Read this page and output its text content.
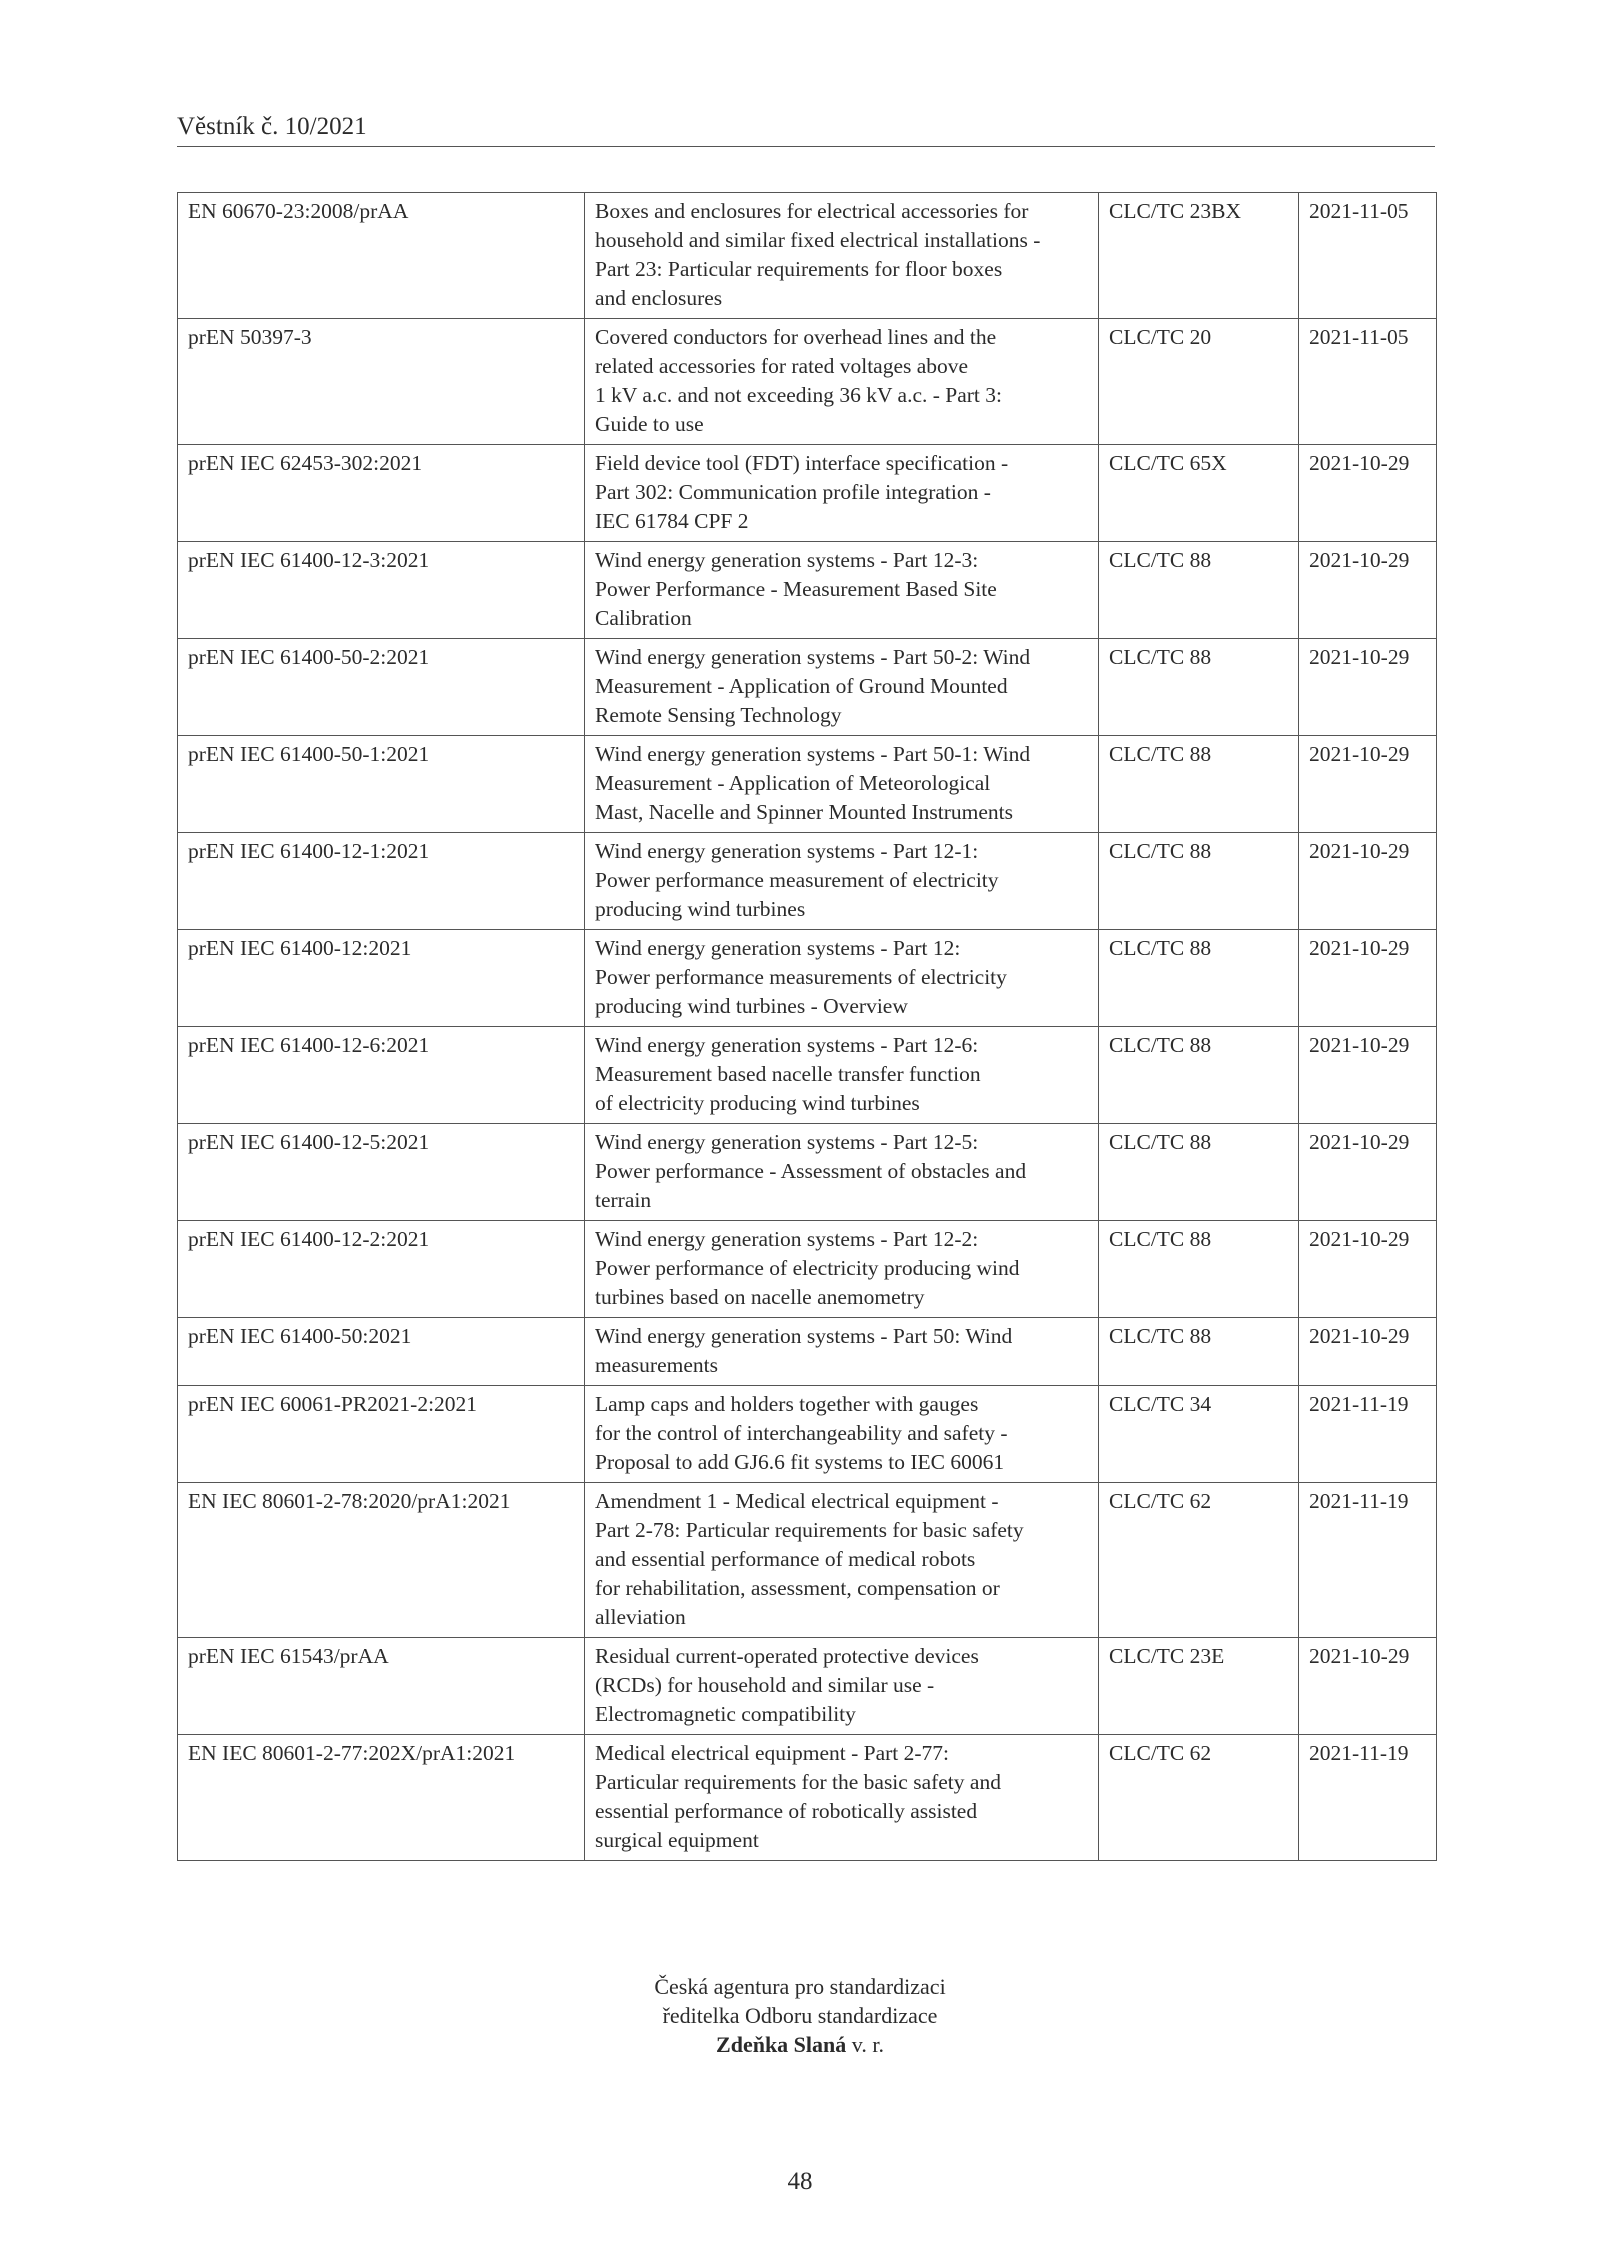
Věstník č. 10/2021
EN 60670-23:2008/prAA	Boxes and enclosures for electrical accessories for
household and similar fixed electrical installations -
Part 23: Particular requirements for floor boxes
and enclosures	CLC/TC 23BX	2021-11-05
prEN 50397-3	Covered conductors for overhead lines and the
related accessories for rated voltages above
1 kV a.c. and not exceeding 36 kV a.c. - Part 3:
Guide to use	CLC/TC 20	2021-11-05
prEN IEC 62453-302:2021	Field device tool (FDT) interface specification -
Part 302: Communication profile integration -
IEC 61784 CPF 2	CLC/TC 65X	2021-10-29
prEN IEC 61400-12-3:2021	Wind energy generation systems - Part 12-3:
Power Performance - Measurement Based Site
Calibration	CLC/TC 88	2021-10-29
prEN IEC 61400-50-2:2021	Wind energy generation systems - Part 50-2: Wind
Measurement - Application of Ground Mounted
Remote Sensing Technology	CLC/TC 88	2021-10-29
prEN IEC 61400-50-1:2021	Wind energy generation systems - Part 50-1: Wind
Measurement - Application of Meteorological
Mast, Nacelle and Spinner Mounted Instruments	CLC/TC 88	2021-10-29
prEN IEC 61400-12-1:2021	Wind energy generation systems - Part 12-1:
Power performance measurement of electricity
producing wind turbines	CLC/TC 88	2021-10-29
prEN IEC 61400-12:2021	Wind energy generation systems - Part 12:
Power performance measurements of electricity
producing wind turbines - Overview	CLC/TC 88	2021-10-29
prEN IEC 61400-12-6:2021	Wind energy generation systems - Part 12-6:
Measurement based nacelle transfer function
of electricity producing wind turbines	CLC/TC 88	2021-10-29
prEN IEC 61400-12-5:2021	Wind energy generation systems - Part 12-5:
Power performance - Assessment of obstacles and
terrain	CLC/TC 88	2021-10-29
prEN IEC 61400-12-2:2021	Wind energy generation systems - Part 12-2:
Power performance of electricity producing wind
turbines based on nacelle anemometry	CLC/TC 88	2021-10-29
prEN IEC 61400-50:2021	Wind energy generation systems - Part 50: Wind
measurements	CLC/TC 88	2021-10-29
prEN IEC 60061-PR2021-2:2021	Lamp caps and holders together with gauges
for the control of interchangeability and safety -
Proposal to add GJ6.6 fit systems to IEC 60061	CLC/TC 34	2021-11-19
EN IEC 80601-2-78:2020/prA1:2021	Amendment 1 - Medical electrical equipment -
Part 2-78: Particular requirements for basic safety
and essential performance of medical robots
for rehabilitation, assessment, compensation or
alleviation	CLC/TC 62	2021-11-19
prEN IEC 61543/prAA	Residual current-operated protective devices
(RCDs) for household and similar use -
Electromagnetic compatibility	CLC/TC 23E	2021-10-29
EN IEC 80601-2-77:202X/prA1:2021	Medical electrical equipment - Part 2-77:
Particular requirements for the basic safety and
essential performance of robotically assisted
surgical equipment	CLC/TC 62	2021-11-19
Česká agentura pro standardizaci
ředitelka Odboru standardizace
Zdeňka Slaná v. r.
48
